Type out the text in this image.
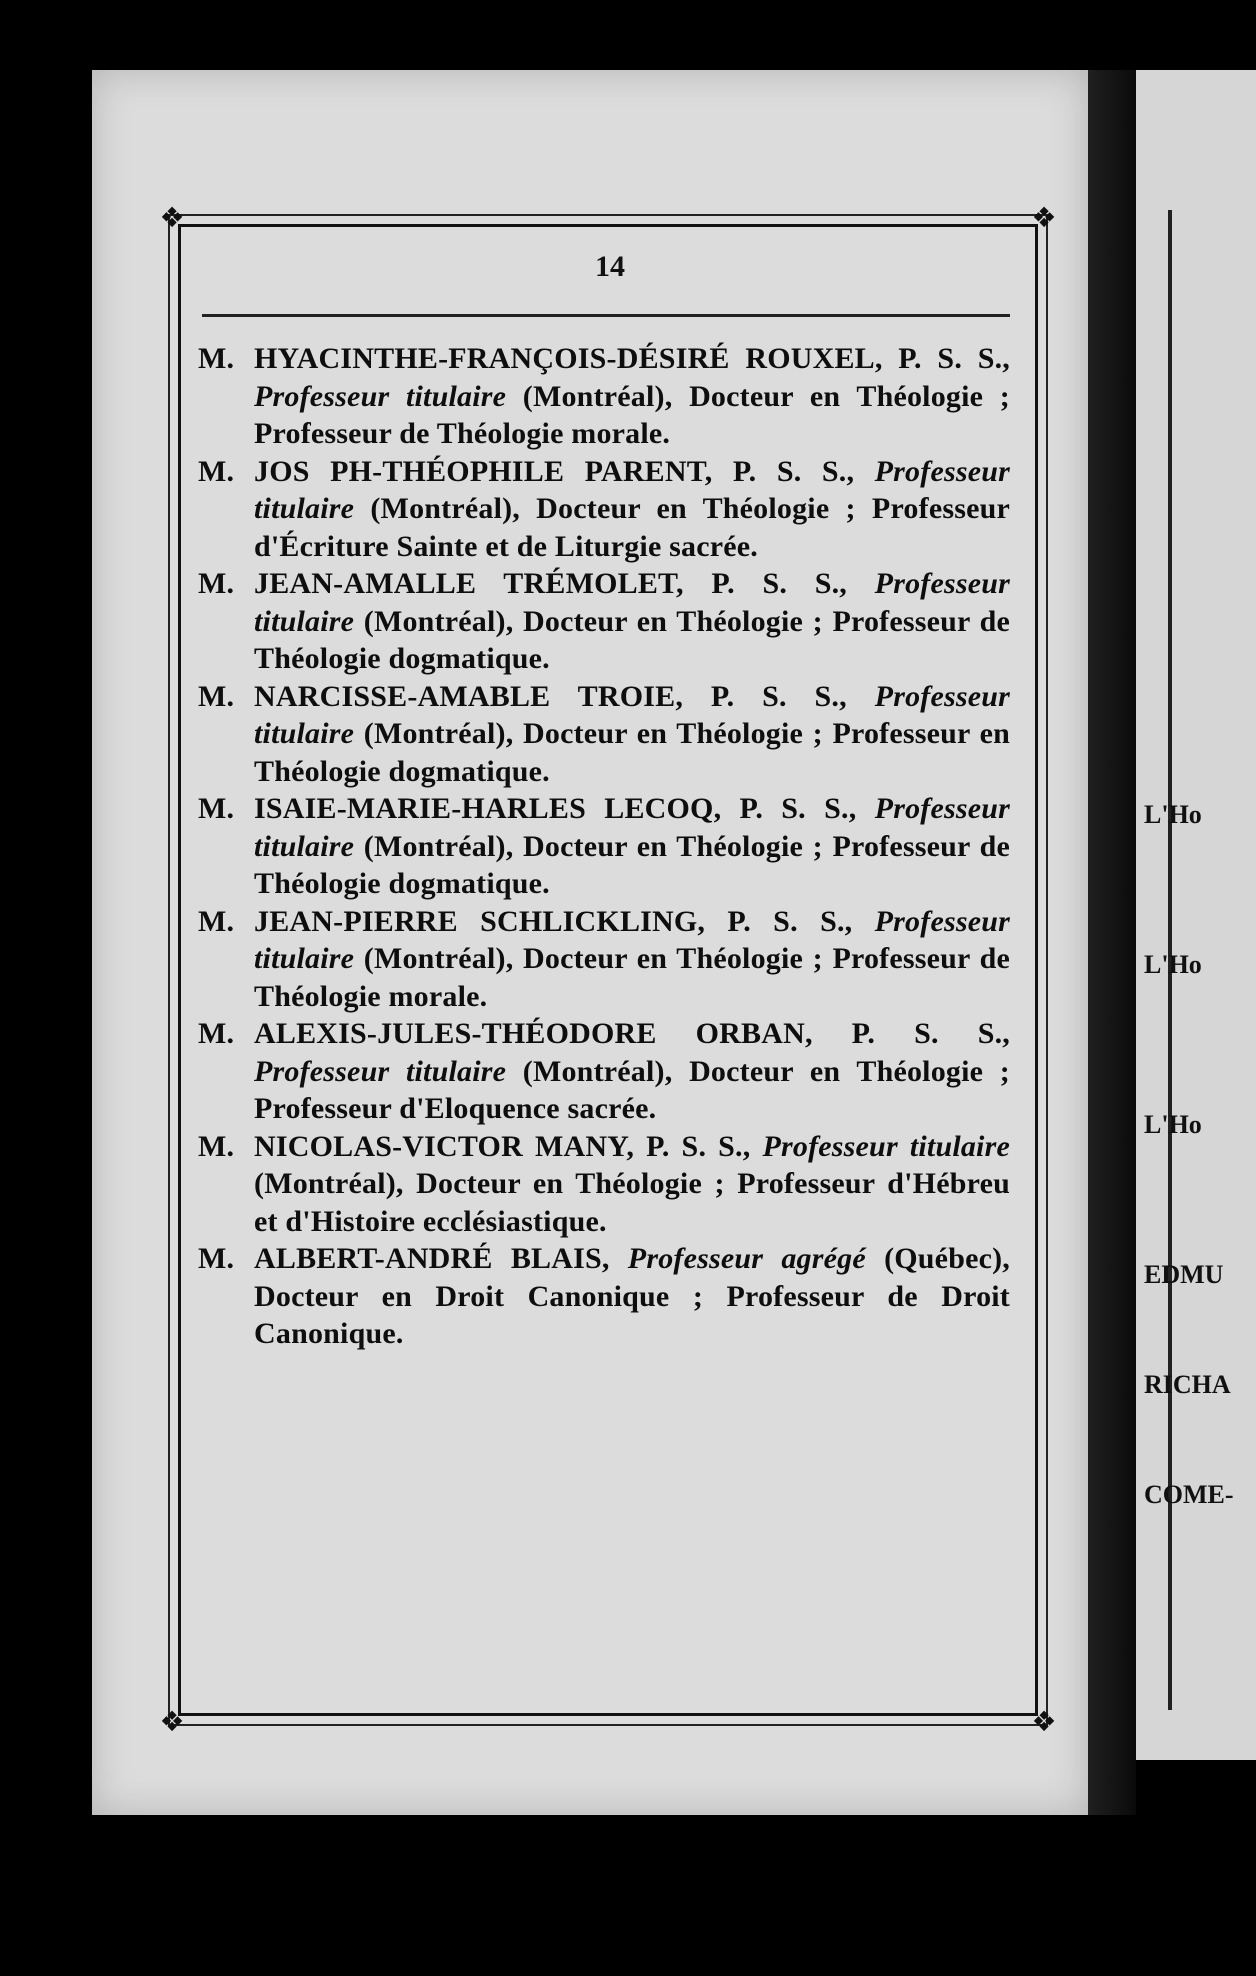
L'Ho
L'Ho
L'Ho
EDMU
RICHA
COME-
❖	❖
❖	❖
14

M. HYACINTHE-FRANÇOIS-DÉSIRÉ ROUXEL, P. S. S., Professeur titulaire (Montréal), Docteur en Théologie ; Professeur de Théologie morale.

M. JOS PH-THÉOPHILE PARENT, P. S. S., Professeur titulaire (Montréal), Docteur en Théologie ; Professeur d'Écriture Sainte et de Liturgie sacrée.

M. JEAN-AMALLE TRÉMOLET, P. S. S., Professeur titulaire (Montréal), Docteur en Théologie ; Professeur de Théologie dogmatique.

M. NARCISSE-AMABLE TROIE, P. S. S., Professeur titulaire (Montréal), Docteur en Théologie ; Professeur en Théologie dogmatique.

M. ISAIE-MARIE-HARLES LECOQ, P. S. S., Professeur titulaire (Montréal), Docteur en Théologie ; Professeur de Théologie dogmatique.

M. JEAN-PIERRE SCHLICKLING, P. S. S., Professeur titulaire (Montréal), Docteur en Théologie ; Professeur de Théologie morale.

M. ALEXIS-JULES-THÉODORE ORBAN, P. S. S., Professeur titulaire (Montréal), Docteur en Théologie ; Professeur d'Eloquence sacrée.

M. NICOLAS-VICTOR MANY, P. S. S., Professeur titulaire (Montréal), Docteur en Théologie ; Professeur d'Hébreu et d'Histoire ecclésiastique.

M. ALBERT-ANDRÉ BLAIS, Professeur agrégé (Québec), Docteur en Droit Canonique ; Professeur de Droit Canonique.
